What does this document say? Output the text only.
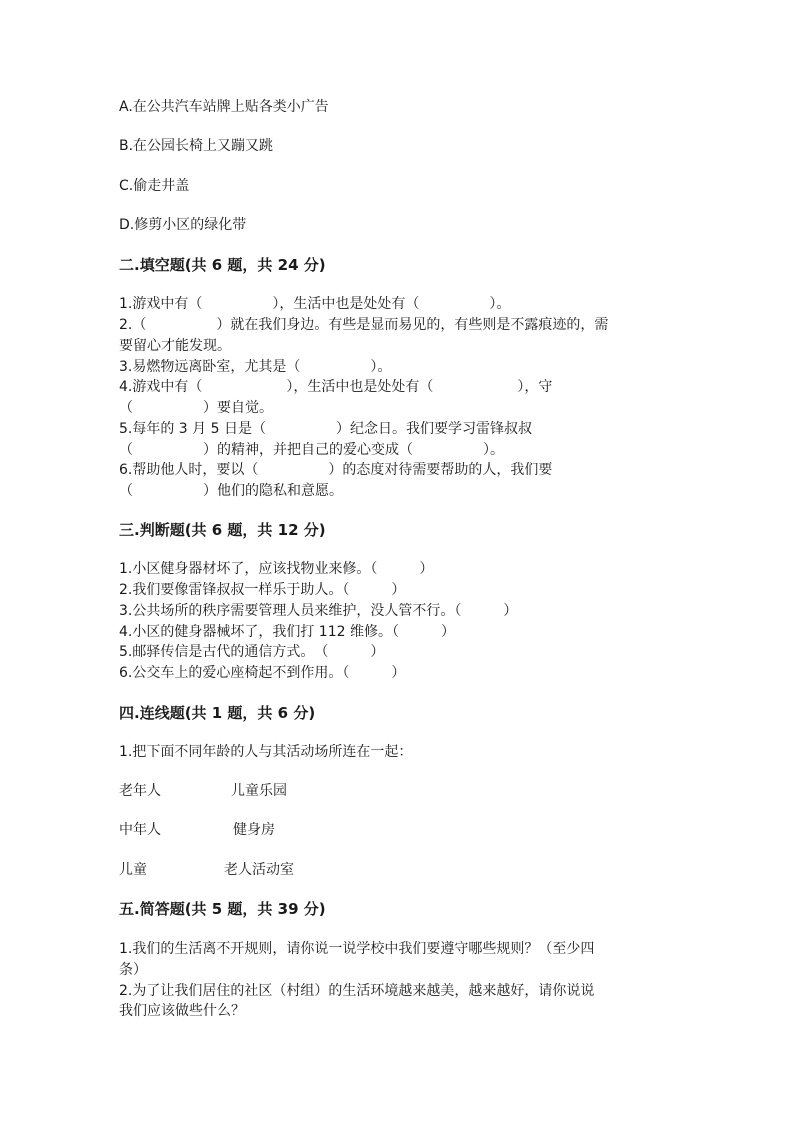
A.在公共汽车站牌上贴各类小广告
B.在公园长椅上又蹦又跳
C.偷走井盖
D.修剪小区的绿化带
二.填空题(共 6 题，共 24 分)
1.游戏中有（　　　　　），生活中也是处处有（　　　　　）。
2.（　　　　　）就在我们身边。有些是显而易见的，有些则是不露痕迹的，需
要留心才能发现。
3.易燃物远离卧室，尤其是（　　　　　）。
4.游戏中有（　　　　　　），生活中也是处处有（　　　　　　），守
（　　　　　）要自觉。
5.每年的 3 月 5 日是（　　　　　）纪念日。我们要学习雷锋叔叔
（　　　　　）的精神，并把自己的爱心变成（　　　　　）。
6.帮助他人时，要以（　　　　　）的态度对待需要帮助的人，我们要
（　　　　　）他们的隐私和意愿。
三.判断题(共 6 题，共 12 分)
1.小区健身器材坏了，应该找物业来修。（　　　）
2.我们要像雷锋叔叔一样乐于助人。（　　　）
3.公共场所的秩序需要管理人员来维护，没人管不行。（　　　）
4.小区的健身器械坏了，我们打 112 维修。（　　　）
5.邮驿传信是古代的通信方式。　（　　　）
6.公交车上的爱心座椅起不到作用。（　　　）
四.连线题(共 1 题，共 6 分)
1.把下面不同年龄的人与其活动场所连在一起：
老年人	儿童乐园
中年人	健身房
儿童	老人活动室
五.简答题(共 5 题，共 39 分)
1.我们的生活离不开规则，请你说一说学校中我们要遵守哪些规则？（至少四
条）
2.为了让我们居住的社区（村组）的生活环境越来越美，越来越好，请你说说
我们应该做些什么？
